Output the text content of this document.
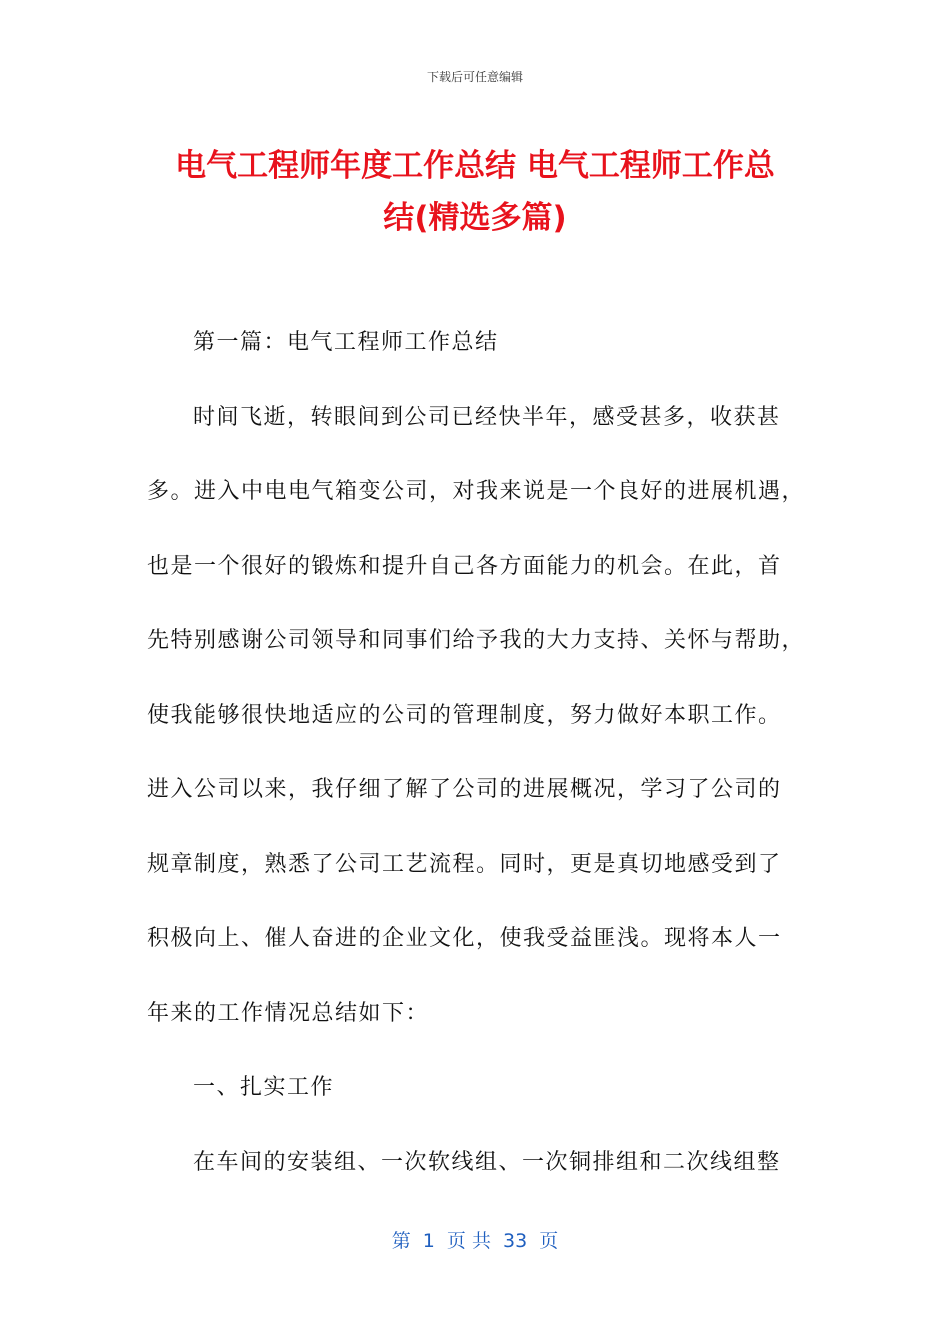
下载后可任意编辑
电气工程师年度工作总结 电气工程师工作总
结(精选多篇)
第一篇：电气工程师工作总结
时间飞逝，转眼间到公司已经快半年，感受甚多，收获甚
多。进入中电电气箱变公司，对我来说是一个良好的进展机遇，
也是一个很好的锻炼和提升自己各方面能力的机会。在此，首
先特别感谢公司领导和同事们给予我的大力支持、关怀与帮助，
使我能够很快地适应的公司的管理制度，努力做好本职工作。
进入公司以来，我仔细了解了公司的进展概况，学习了公司的
规章制度，熟悉了公司工艺流程。同时，更是真切地感受到了
积极向上、催人奋进的企业文化，使我受益匪浅。现将本人一
年来的工作情况总结如下：
一、扎实工作
在车间的安装组、一次软线组、一次铜排组和二次线组整
第  1  页 共  33  页
